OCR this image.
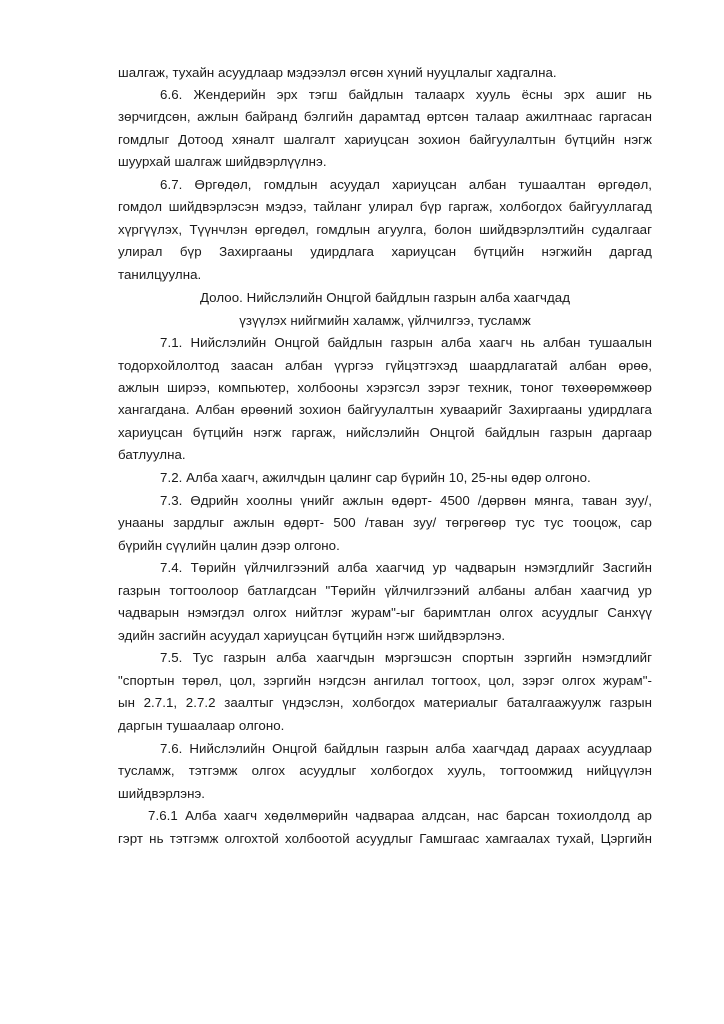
шалгаж, тухайн асуудлаар мэдээлэл өгсөн хүний нууцлалыг хадгална.
6.6. Жендерийн эрх тэгш байдлын талаарх хууль ёсны эрх ашиг нь
зөрчигдсөн, ажлын байранд бэлгийн дарамтад өртсөн талаар ажилтнаас гаргасан
гомдлыг Дотоод хяналт шалгалт хариуцсан зохион байгуулалтын бүтцийн нэгж
шуурхай шалгаж шийдвэрлүүлнэ.
6.7. Өргөдөл, гомдлын асуудал хариуцсан албан тушаалтан өргөдөл,
гомдол шийдвэрлэсэн мэдээ, тайланг улирал бүр гаргаж, холбогдох байгууллагад
хүргүүлэх, Түүнчлэн өргөдөл, гомдлын агуулга, болон шийдвэрлэлтийн судалгааг
улирал бүр Захиргааны удирдлага хариуцсан бүтцийн нэгжийн даргад
танилцуулна.
Долоо. Нийслэлийн Онцгой байдлын газрын алба хаагчдад
үзүүлэх нийгмийн халамж, үйлчилгээ, тусламж
7.1. Нийслэлийн Онцгой байдлын газрын алба хаагч нь албан тушаалын
тодорхойлолтод заасан албан үүргээ гүйцэтгэхэд шаардлагатай албан өрөө,
ажлын ширээ, компьютер, холбооны хэрэгсэл зэрэг техник, тоног төхөөрөмжөөр
хангагдана. Албан өрөөний зохион байгуулалтын хуваарийг Захиргааны удирдлага
хариуцсан бүтцийн нэгж гаргаж, нийслэлийн Онцгой байдлын газрын даргаар
батлуулна.
7.2. Алба хаагч, ажилчдын цалинг сар бүрийн 10, 25-ны өдөр олгоно.
7.3. Өдрийн хоолны үнийг ажлын өдөрт- 4500 /дөрвөн мянга, таван зуу/,
унааны зардлыг ажлын өдөрт- 500 /таван зуу/ төгрөгөөр тус тус тооцож, сар
бүрийн сүүлийн цалин дээр олгоно.
7.4. Төрийн үйлчилгээний алба хаагчид ур чадварын нэмэгдлийг Засгийн
газрын тогтоолоор батлагдсан "Төрийн үйлчилгээний албаны албан хаагчид ур
чадварын нэмэгдэл олгох нийтлэг журам"-ыг баримтлан олгох асуудлыг Санхүү
эдийн засгийн асуудал хариуцсан бүтцийн нэгж шийдвэрлэнэ.
7.5. Тус газрын алба хаагчдын мэргэшсэн спортын зэргийн нэмэгдлийг
"спортын төрөл, цол, зэргийн нэгдсэн ангилал тогтоох, цол, зэрэг олгох журам"-
ын 2.7.1, 2.7.2 заалтыг үндэслэн, холбогдох материалыг баталгаажуулж газрын
даргын тушаалаар олгоно.
7.6. Нийслэлийн Онцгой байдлын газрын алба хаагчдад дараах асуудлаар
тусламж, тэтгэмж олгох асуудлыг холбогдох хууль, тогтоомжид нийцүүлэн
шийдвэрлэнэ.
7.6.1 Алба хаагч хөдөлмөрийн чадвараа алдсан, нас барсан тохиолдолд ар
гэрт нь тэтгэмж олгохтой холбоотой асуудлыг Гамшгаас хамгаалах тухай, Цэргийн
